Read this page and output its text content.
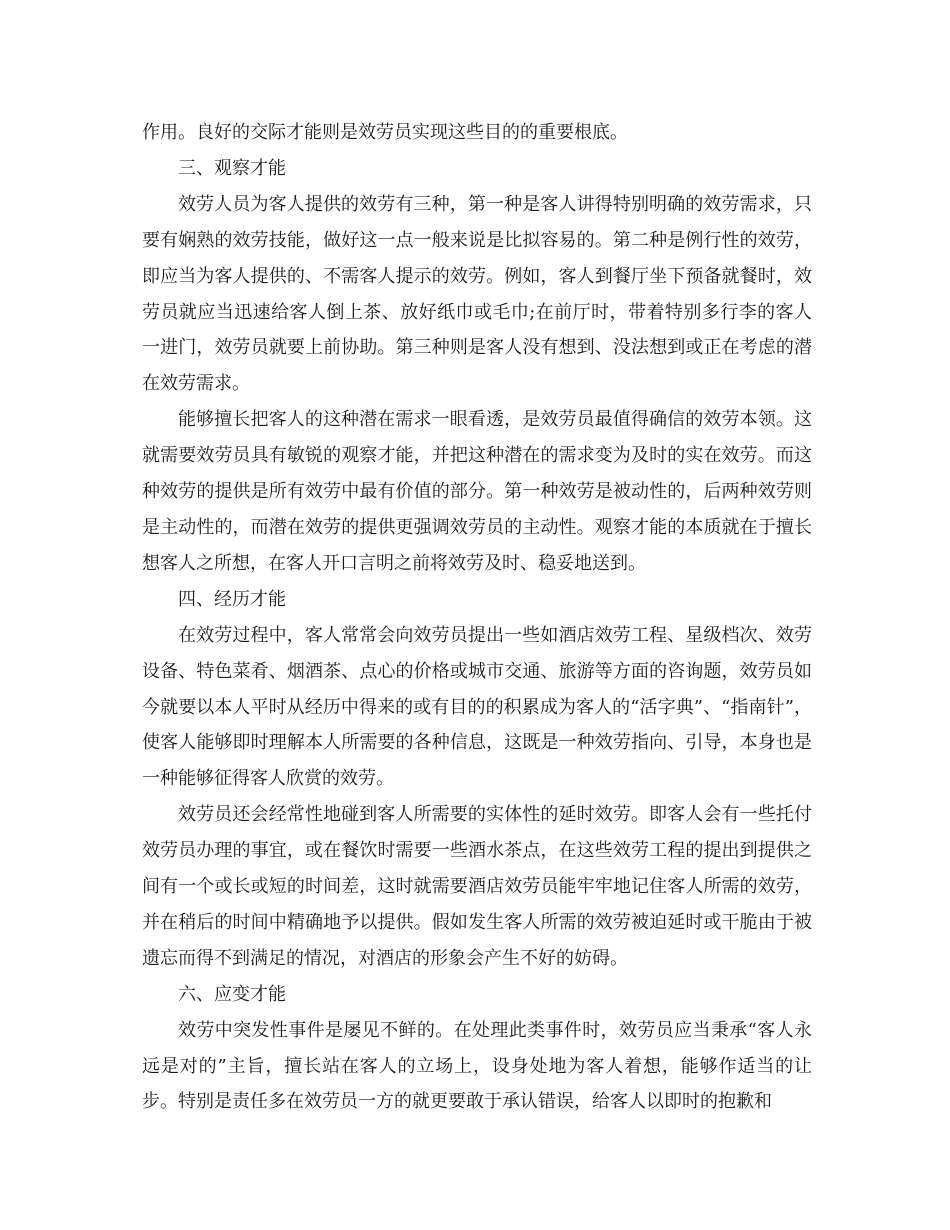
作用。良好的交际才能则是效劳员实现这些目的的重要根底。

三、观察才能

效劳人员为客人提供的效劳有三种，第一种是客人讲得特别明确的效劳需求，只要有娴熟的效劳技能，做好这一点一般来说是比拟容易的。第二种是例行性的效劳，即应当为客人提供的、不需客人提示的效劳。例如，客人到餐厅坐下预备就餐时，效劳员就应当迅速给客人倒上茶、放好纸巾或毛巾;在前厅时，带着特别多行李的客人一进门，效劳员就要上前协助。第三种则是客人没有想到、没法想到或正在考虑的潜在效劳需求。

能够擅长把客人的这种潜在需求一眼看透，是效劳员最值得确信的效劳本领。这就需要效劳员具有敏锐的观察才能，并把这种潜在的需求变为及时的实在效劳。而这种效劳的提供是所有效劳中最有价值的部分。第一种效劳是被动性的，后两种效劳则是主动性的，而潜在效劳的提供更强调效劳员的主动性。观察才能的本质就在于擅长想客人之所想，在客人开口言明之前将效劳及时、稳妥地送到。

四、经历才能

在效劳过程中，客人常常会向效劳员提出一些如酒店效劳工程、星级档次、效劳设备、特色菜肴、烟酒茶、点心的价格或城市交通、旅游等方面的咨询题，效劳员如今就要以本人平时从经历中得来的或有目的的积累成为客人的“活字典”、“指南针”，使客人能够即时理解本人所需要的各种信息，这既是一种效劳指向、引导，本身也是一种能够征得客人欣赏的效劳。

效劳员还会经常性地碰到客人所需要的实体性的延时效劳。即客人会有一些托付效劳员办理的事宜，或在餐饮时需要一些酒水茶点，在这些效劳工程的提出到提供之间有一个或长或短的时间差，这时就需要酒店效劳员能牢牢地记住客人所需的效劳，并在稍后的时间中精确地予以提供。假如发生客人所需的效劳被迫延时或干脆由于被遗忘而得不到满足的情况，对酒店的形象会产生不好的妨碍。

六、应变才能

效劳中突发性事件是屡见不鲜的。在处理此类事件时，效劳员应当秉承“客人永远是对的”主旨，擅长站在客人的立场上，设身处地为客人着想，能够作适当的让步。特别是责任多在效劳员一方的就更要敢于承认错误，给客人以即时的抱歉和
